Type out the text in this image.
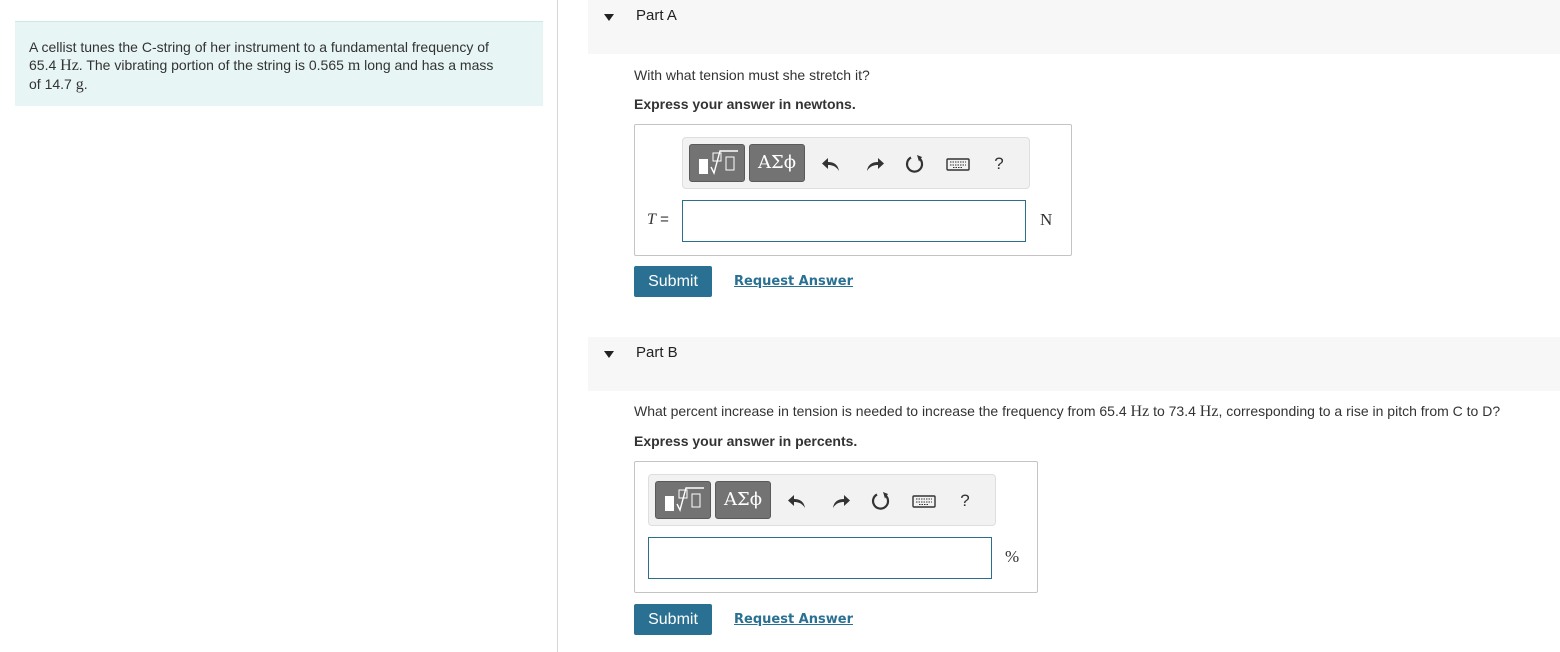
A cellist tunes the C-string of her instrument to a fundamental frequency of
65.4 Hz. The vibrating portion of the string is 0.565 m long and has a mass
of 14.7 g.
Part A
With what tension must she stretch it?
Express your answer in newtons.
ΑΣϕ	?
T =	N
Submit	Request Answer
Part B
What percent increase in tension is needed to increase the frequency from 65.4 Hz to 73.4 Hz, corresponding to a rise in pitch from C to D?
Express your answer in percents.
ΑΣϕ	?
%
Submit	Request Answer
